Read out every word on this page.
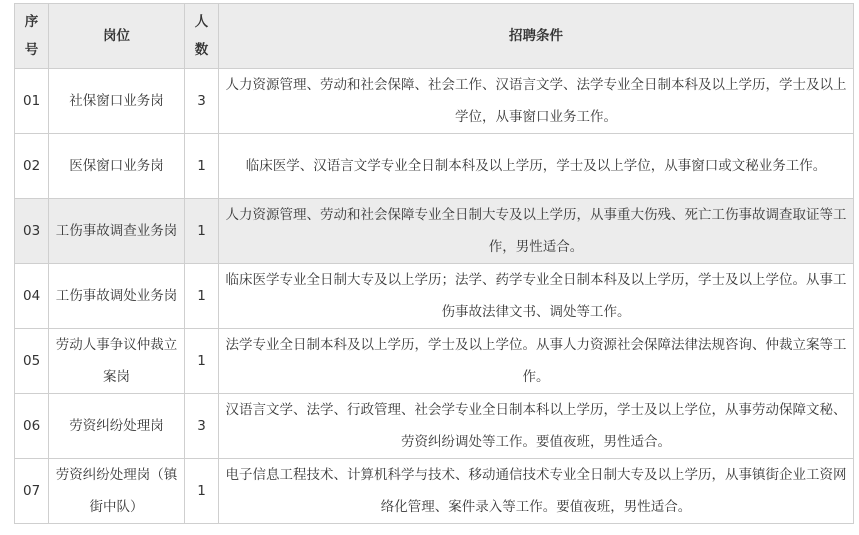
序号	岗位	人数	招聘条件
01	社保窗口业务岗	3	人力资源管理、劳动和社会保障、社会工作、汉语言文学、法学专业全日制本科及以上学历，学士及以上学位，从事窗口业务工作。
02	医保窗口业务岗	1	临床医学、汉语言文学专业全日制本科及以上学历，学士及以上学位，从事窗口或文秘业务工作。
03	工伤事故调查业务岗	1	人力资源管理、劳动和社会保障专业全日制大专及以上学历，从事重大伤残、死亡工伤事故调查取证等工作，男性适合。
04	工伤事故调处业务岗	1	临床医学专业全日制大专及以上学历；法学、药学专业全日制本科及以上学历，学士及以上学位。从事工伤事故法律文书、调处等工作。
05	劳动人事争议仲裁立案岗	1	法学专业全日制本科及以上学历，学士及以上学位。从事人力资源社会保障法律法规咨询、仲裁立案等工作。
06	劳资纠纷处理岗	3	汉语言文学、法学、行政管理、社会学专业全日制本科以上学历，学士及以上学位，从事劳动保障文秘、劳资纠纷调处等工作。要值夜班，男性适合。
07	劳资纠纷处理岗（镇街中队）	1	电子信息工程技术、计算机科学与技术、移动通信技术专业全日制大专及以上学历，从事镇街企业工资网络化管理、案件录入等工作。要值夜班，男性适合。
